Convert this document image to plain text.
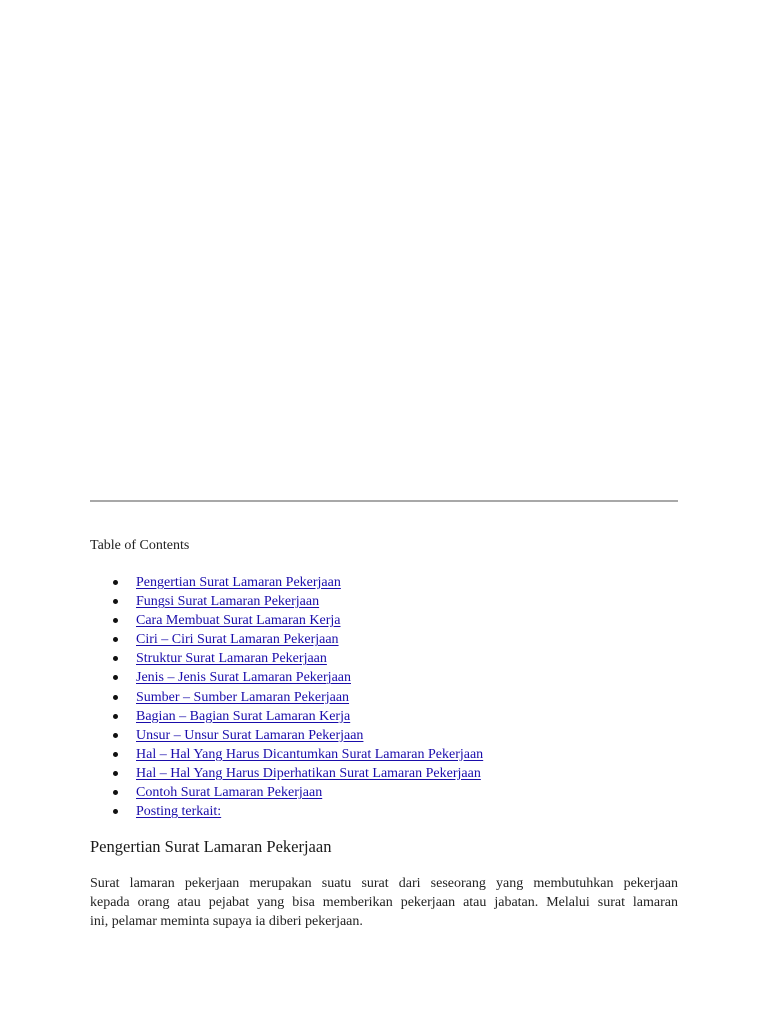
Table of Contents
Pengertian Surat Lamaran Pekerjaan
Fungsi Surat Lamaran Pekerjaan
Cara Membuat Surat Lamaran Kerja
Ciri – Ciri Surat Lamaran Pekerjaan
Struktur Surat Lamaran Pekerjaan
Jenis – Jenis Surat Lamaran Pekerjaan
Sumber – Sumber Lamaran Pekerjaan
Bagian – Bagian Surat Lamaran Kerja
Unsur – Unsur Surat Lamaran Pekerjaan
Hal – Hal Yang Harus Dicantumkan Surat Lamaran Pekerjaan
Hal – Hal Yang Harus Diperhatikan Surat Lamaran Pekerjaan
Contoh Surat Lamaran Pekerjaan
Posting terkait:
Pengertian Surat Lamaran Pekerjaan

Surat lamaran pekerjaan merupakan suatu surat dari seseorang yang membutuhkan pekerjaan
kepada orang atau pejabat yang bisa memberikan pekerjaan atau jabatan. Melalui surat lamaran
ini, pelamar meminta supaya ia diberi pekerjaan.
